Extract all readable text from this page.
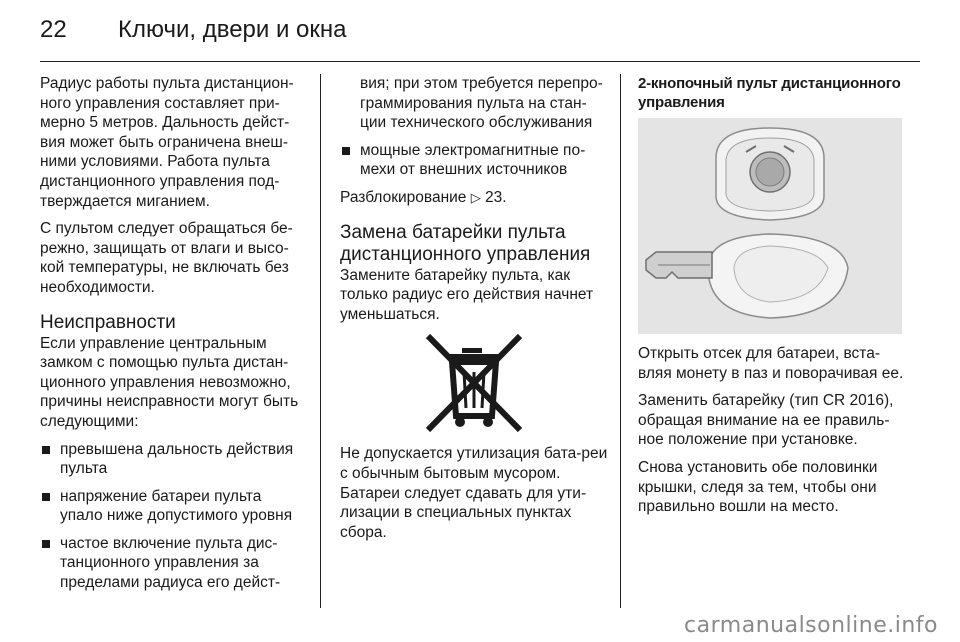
22	Ключи, двери и окна

Радиус работы пульта дистанцион-ного управления составляет при-мерно 5 метров. Дальность дейст-вия может быть ограничена внеш-ними условиями. Работа пульта дистанционного управления под-тверждается миганием.

С пультом следует обращаться бе-режно, защищать от влаги и высо-кой температуры, не включать без необходимости.

Неисправности

Если управление центральным замком с помощью пульта дистан-ционного управления невозможно, причины неисправности могут быть следующими:

превышена дальность действия пульта
напряжение батареи пульта упало ниже допустимого уровня
частое включение пульта дис-танционного управления за пределами радиуса его дейст-
вия; при этом требуется перепро-граммирования пульта на стан-ции технического обслуживания
мощные электромагнитные по-мехи от внешних источников

Разблокирование ▷ 23.

Замена батарейки пульта дистанционного управления

Замените батарейку пульта, как только радиус его действия начнет уменьшаться.

Не допускается утилизация бата-реи с обычным бытовым мусором. Батареи следует сдавать для ути-лизации в специальных пунктах сбора.

2-кнопочный пульт дистанционного управления

Открыть отсек для батареи, вста-вляя монету в паз и поворачивая ее.

Заменить батарейку (тип CR 2016), обращая внимание на ее правиль-ное положение при установке.

Снова установить обе половинки крышки, следя за тем, чтобы они правильно вошли на место.

carmanualsonline.info
